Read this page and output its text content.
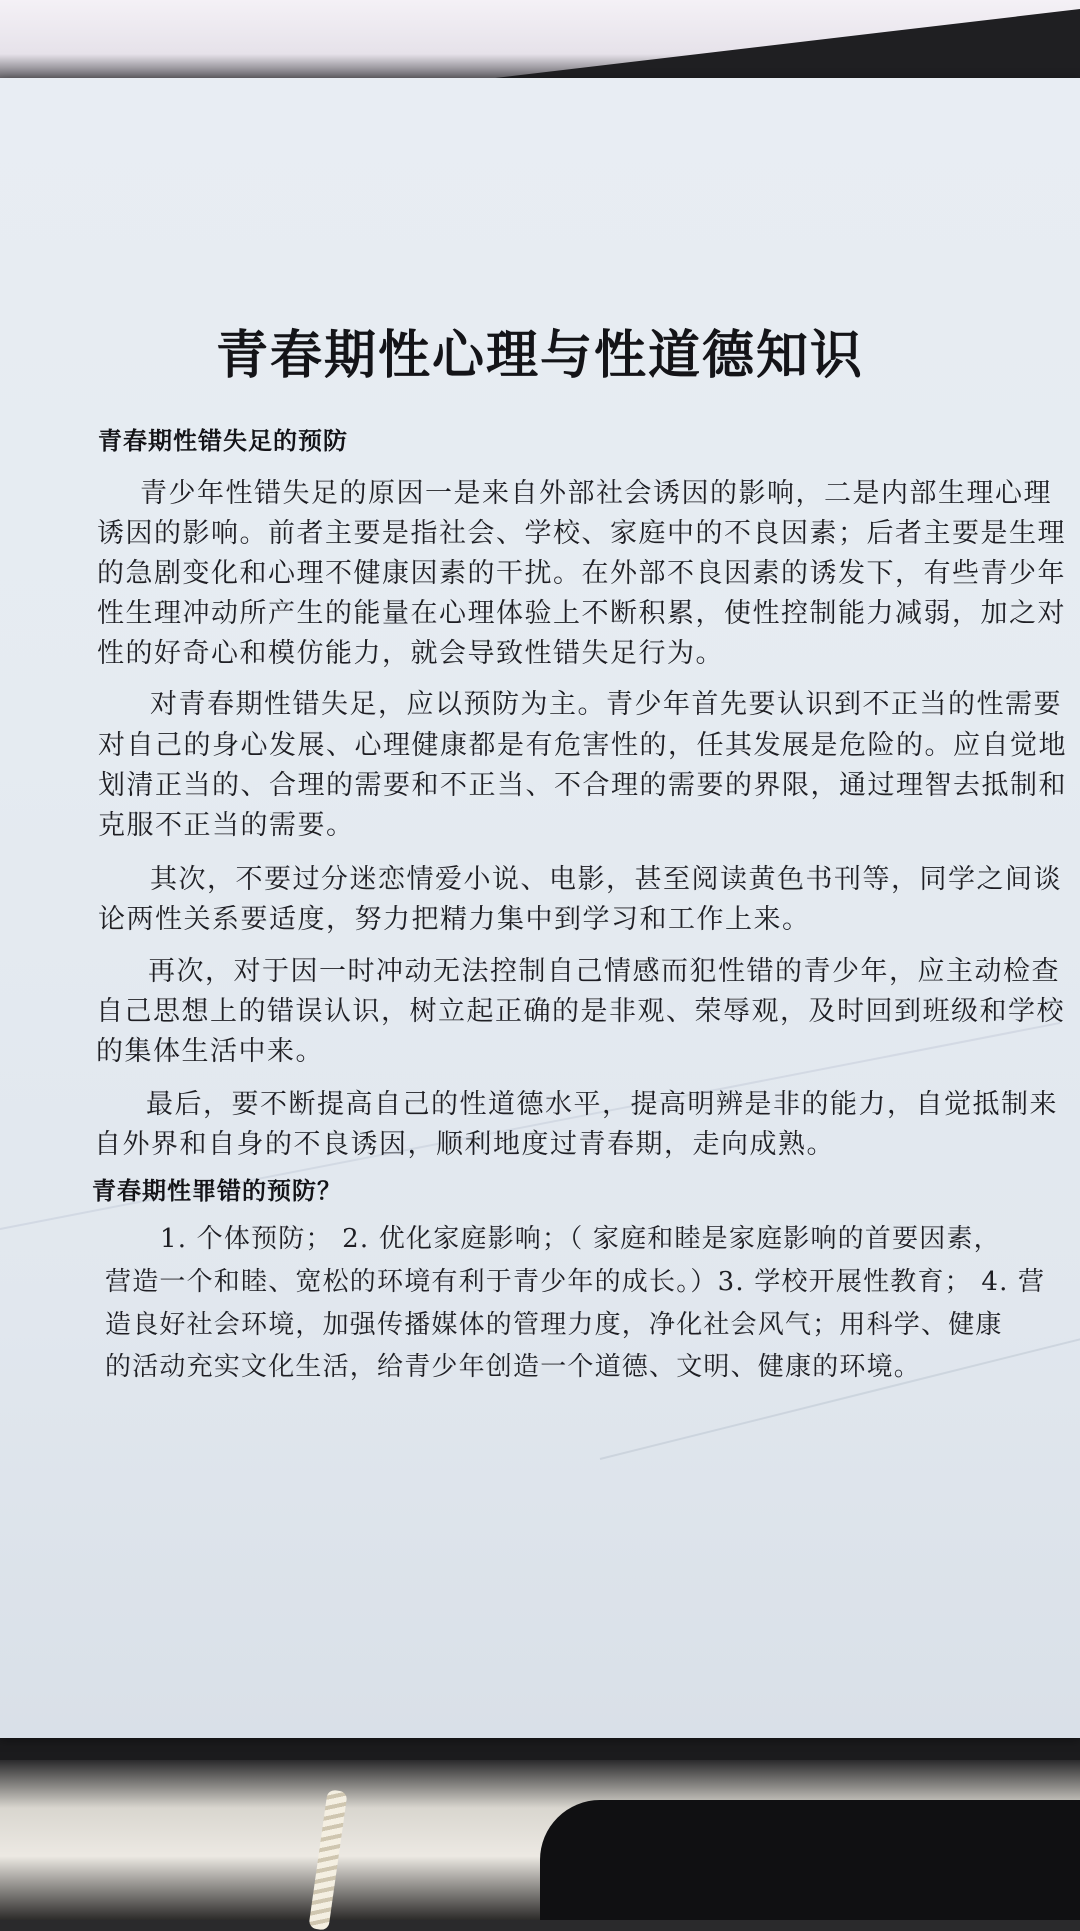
青春期性心理与性道德知识
青春期性错失足的预防
青少年性错失足的原因一是来自外部社会诱因的影响，二是内部生理心理
诱因的影响。前者主要是指社会、学校、家庭中的不良因素；后者主要是生理
的急剧变化和心理不健康因素的干扰。在外部不良因素的诱发下，有些青少年
性生理冲动所产生的能量在心理体验上不断积累，使性控制能力减弱，加之对
性的好奇心和模仿能力，就会导致性错失足行为。
对青春期性错失足，应以预防为主。青少年首先要认识到不正当的性需要
对自己的身心发展、心理健康都是有危害性的，任其发展是危险的。应自觉地
划清正当的、合理的需要和不正当、不合理的需要的界限，通过理智去抵制和
克服不正当的需要。
其次，不要过分迷恋情爱小说、电影，甚至阅读黄色书刊等，同学之间谈
论两性关系要适度，努力把精力集中到学习和工作上来。
再次，对于因一时冲动无法控制自己情感而犯性错的青少年，应主动检查
自己思想上的错误认识，树立起正确的是非观、荣辱观，及时回到班级和学校
的集体生活中来。
最后，要不断提高自己的性道德水平，提高明辨是非的能力，自觉抵制来
自外界和自身的不良诱因，顺利地度过青春期，走向成熟。
青春期性罪错的预防？
1. 个体预防； 2. 优化家庭影响；（ 家庭和睦是家庭影响的首要因素，
营造一个和睦、宽松的环境有利于青少年的成长。）3. 学校开展性教育； 4. 营
造良好社会环境，加强传播媒体的管理力度，净化社会风气；用科学、健康
的活动充实文化生活，给青少年创造一个道德、文明、健康的环境。
